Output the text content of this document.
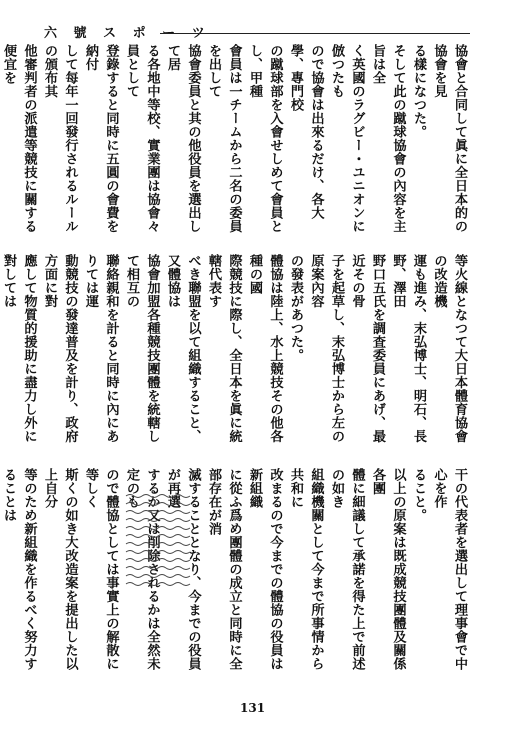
六 號 ス ポ ー ツ

協會と合同して眞に全日本的の協會を見

る樣になつた。

そして此の蹴球協會の內容を主旨は全

く英國のラグビー・ユニオンに倣つたも

ので協會は出來るだけ、各大學、專門校

の蹴球部を入會せしめて會員とし、甲種

會員は一チームから二名の委員を出して

協會委員と其の他役員を選出して居

る各地中等校、實業團は協會々員として

登錄すると同時に五圓の會費を納付

して每年一回發行されるルールの頒布其

他審判者の派遣等競技に關する便宜を

等火線となつて大日本體育協會の改造機

運も進み、末弘博士、明石、長野、澤田

野口五氏を調査委員にあげ、最近その骨

子を起草し、末弘博士から左の原案內容

の發表があつた。

體協は陸上、水上競技その他各種の國

際競技に際し、全日本を眞に統轄代表す

べき聯盟を以て組織すること、又體協は

協會加盟各種競技團體を統轄して相互の

聯絡親和を計ると同時に內にありては運

動競技の發達普及を計り、政府方面に對

應して物質的援助に盡力し外に對しては

干の代表者を選出して理事會で中心を作

ること。

以上の原案は既成競技團體及關係各團

體に細議して承諾を得た上で前述の如き

組織機關として今まで所事情から共和に

改まるので今までの體協の役員は新組織

に從ふ爲め團體の成立と同時に全部存在が消

滅することとなり、今までの役員が再選

するか又は削除されるかは全然未定のも

ので體協としては事實上の解散に等しく

斯くの如き大改造案を提出した以上自分

等のため新組織を作るべく努力することは

131
